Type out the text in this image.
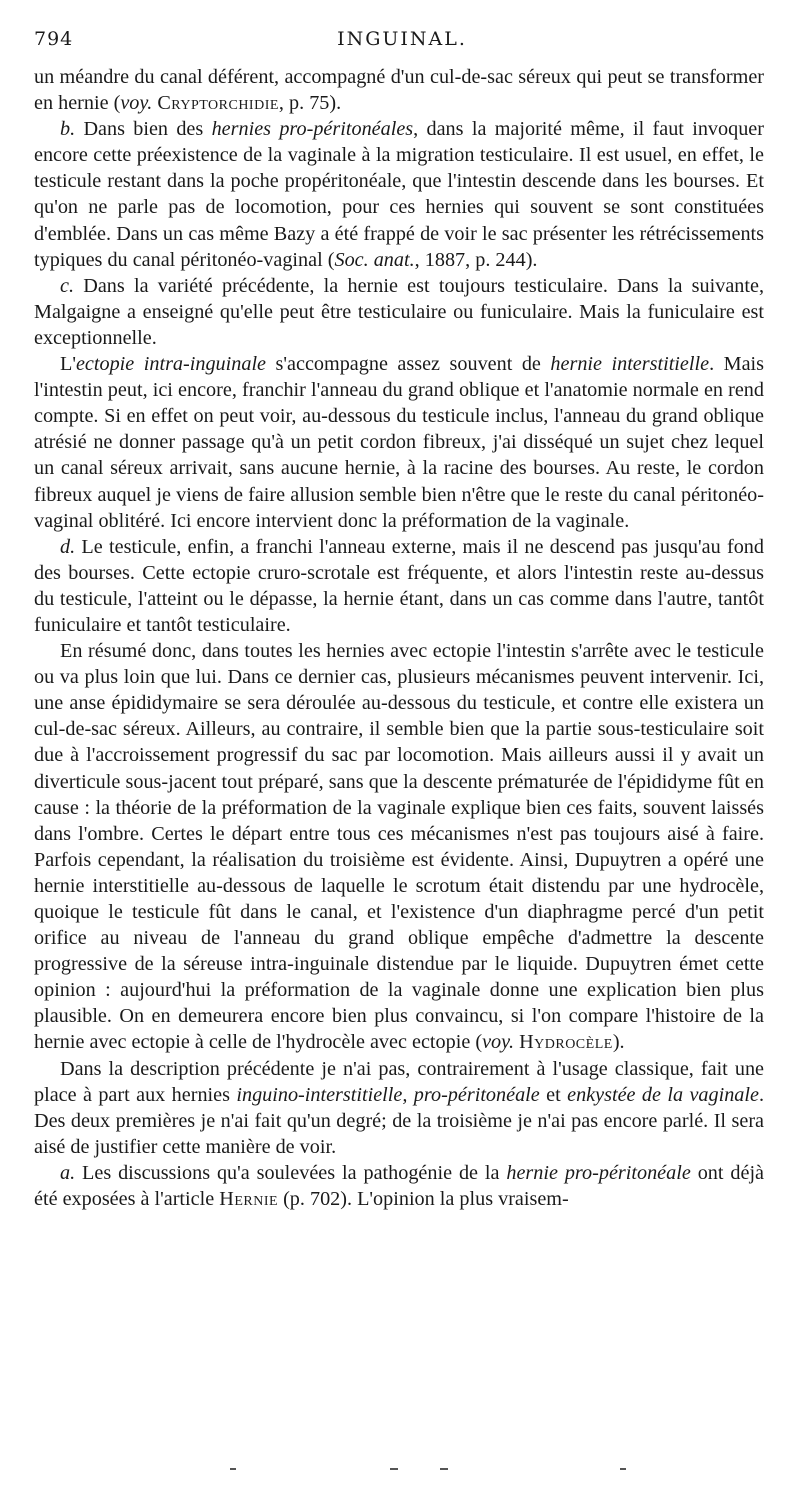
794	INGUINAL.

un méandre du canal déférent, accompagné d'un cul-de-sac séreux qui peut se transformer en hernie (voy. Cryptorchidie, p. 75).

b. Dans bien des hernies pro-péritonéales, dans la majorité même, il faut invoquer encore cette préexistence de la vaginale à la migration testiculaire. Il est usuel, en effet, le testicule restant dans la poche propéritonéale, que l'intestin descende dans les bourses. Et qu'on ne parle pas de locomotion, pour ces hernies qui souvent se sont constituées d'emblée. Dans un cas même Bazy a été frappé de voir le sac présenter les rétrécissements typiques du canal péritonéo-vaginal (Soc. anat., 1887, p. 244).

c. Dans la variété précédente, la hernie est toujours testiculaire. Dans la suivante, Malgaigne a enseigné qu'elle peut être testiculaire ou funiculaire. Mais la funiculaire est exceptionnelle.

L'ectopie intra-inguinale s'accompagne assez souvent de hernie interstitielle. Mais l'intestin peut, ici encore, franchir l'anneau du grand oblique et l'anatomie normale en rend compte. Si en effet on peut voir, au-dessous du testicule inclus, l'anneau du grand oblique atrésié ne donner passage qu'à un petit cordon fibreux, j'ai disséqué un sujet chez lequel un canal séreux arrivait, sans aucune hernie, à la racine des bourses. Au reste, le cordon fibreux auquel je viens de faire allusion semble bien n'être que le reste du canal péritonéo-vaginal oblitéré. Ici encore intervient donc la préformation de la vaginale.

d. Le testicule, enfin, a franchi l'anneau externe, mais il ne descend pas jusqu'au fond des bourses. Cette ectopie cruro-scrotale est fréquente, et alors l'intestin reste au-dessus du testicule, l'atteint ou le dépasse, la hernie étant, dans un cas comme dans l'autre, tantôt funiculaire et tantôt testiculaire.

En résumé donc, dans toutes les hernies avec ectopie l'intestin s'arrête avec le testicule ou va plus loin que lui. Dans ce dernier cas, plusieurs mécanismes peuvent intervenir. Ici, une anse épididymaire se sera déroulée au-dessous du testicule, et contre elle existera un cul-de-sac séreux. Ailleurs, au contraire, il semble bien que la partie sous-testiculaire soit due à l'accroissement progressif du sac par locomotion. Mais ailleurs aussi il y avait un diverticule sous-jacent tout préparé, sans que la descente prématurée de l'épididyme fût en cause : la théorie de la préformation de la vaginale explique bien ces faits, souvent laissés dans l'ombre. Certes le départ entre tous ces mécanismes n'est pas toujours aisé à faire. Parfois cependant, la réalisation du troisième est évidente. Ainsi, Dupuytren a opéré une hernie interstitielle au-dessous de laquelle le scrotum était distendu par une hydrocèle, quoique le testicule fût dans le canal, et l'existence d'un diaphragme percé d'un petit orifice au niveau de l'anneau du grand oblique empêche d'admettre la descente progressive de la séreuse intra-inguinale distendue par le liquide. Dupuytren émet cette opinion : aujourd'hui la préformation de la vaginale donne une explication bien plus plausible. On en demeurera encore bien plus convaincu, si l'on compare l'histoire de la hernie avec ectopie à celle de l'hydrocèle avec ectopie (voy. Hydrocèle).

Dans la description précédente je n'ai pas, contrairement à l'usage classique, fait une place à part aux hernies inguino-interstitielle, pro-péritonéale et enkystée de la vaginale. Des deux premières je n'ai fait qu'un degré; de la troisième je n'ai pas encore parlé. Il sera aisé de justifier cette manière de voir.

a. Les discussions qu'a soulevées la pathogénie de la hernie pro-péritonéale ont déjà été exposées à l'article Hernie (p. 702). L'opinion la plus vraisem-
